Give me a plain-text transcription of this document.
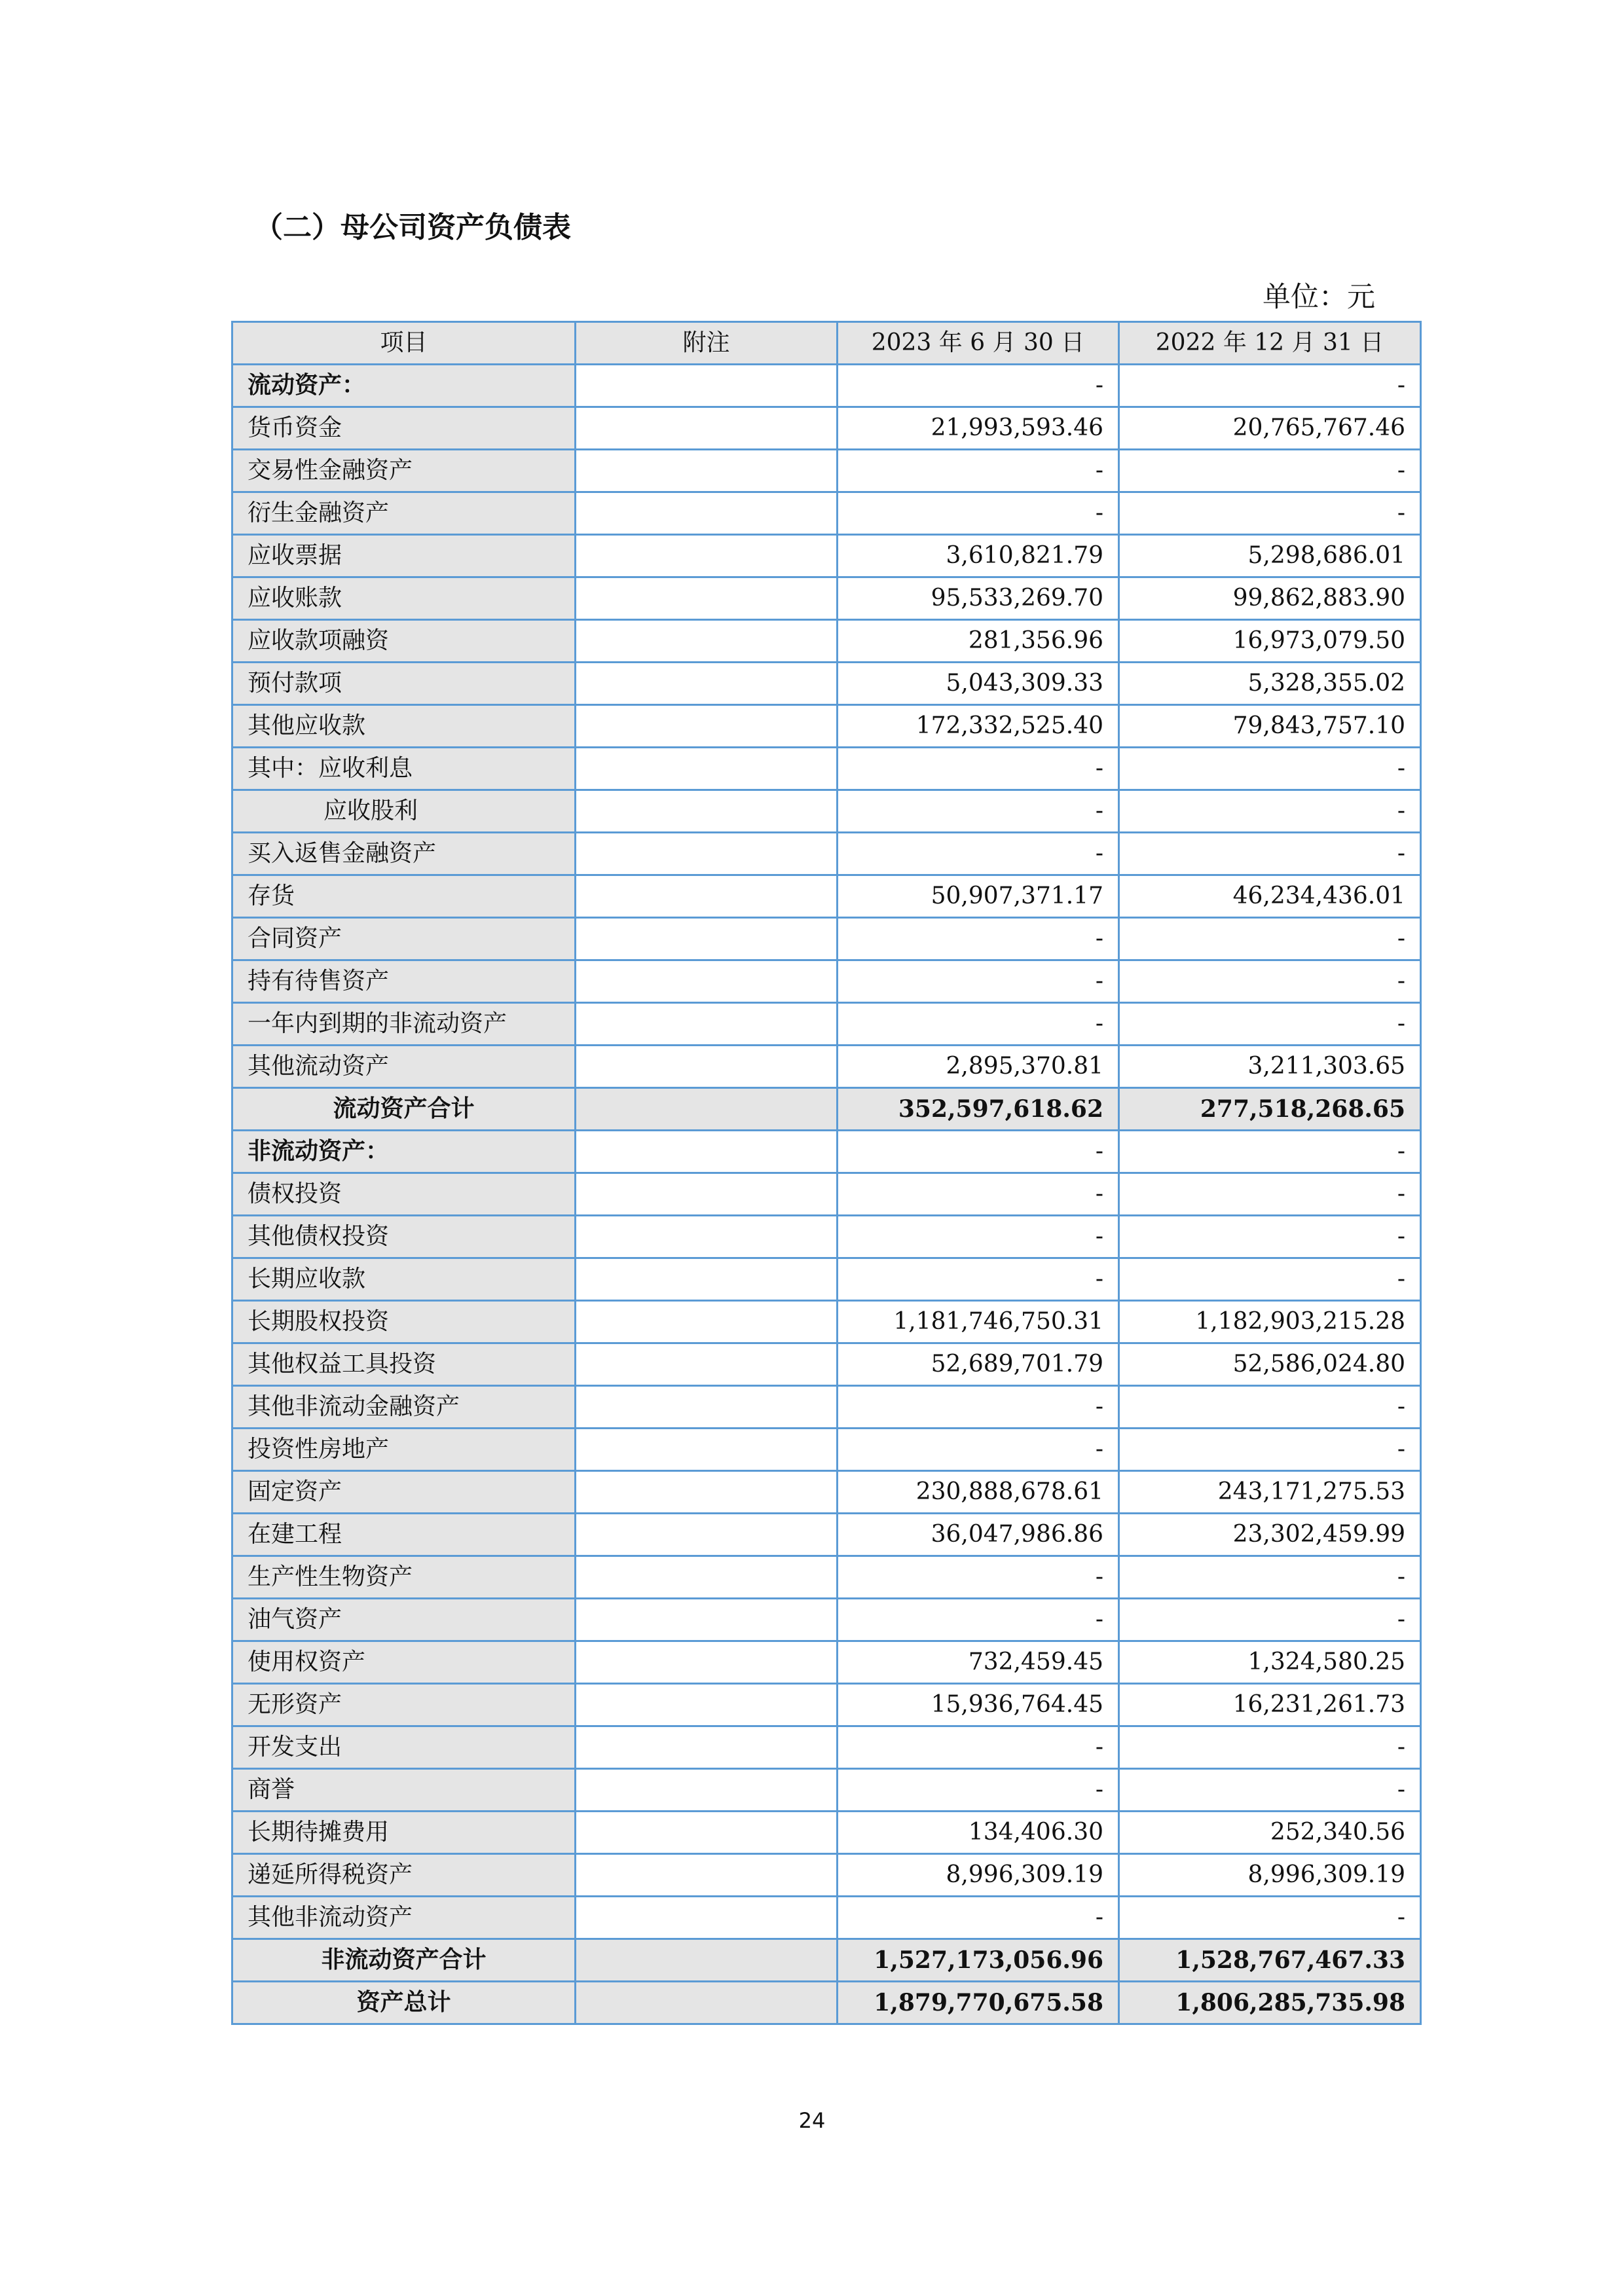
（二）母公司资产负债表
单位：元
项目	附注	2023 年 6 月 30 日	2022 年 12 月 31 日
流动资产：		-	-
货币资金		21,993,593.46	20,765,767.46
交易性金融资产		-	-
衍生金融资产		-	-
应收票据		3,610,821.79	5,298,686.01
应收账款		95,533,269.70	99,862,883.90
应收款项融资		281,356.96	16,973,079.50
预付款项		5,043,309.33	5,328,355.02
其他应收款		172,332,525.40	79,843,757.10
其中：应收利息		-	-
应收股利		-	-
买入返售金融资产		-	-
存货		50,907,371.17	46,234,436.01
合同资产		-	-
持有待售资产		-	-
一年内到期的非流动资产		-	-
其他流动资产		2,895,370.81	3,211,303.65
流动资产合计		352,597,618.62	277,518,268.65
非流动资产：		-	-
债权投资		-	-
其他债权投资		-	-
长期应收款		-	-
长期股权投资		1,181,746,750.31	1,182,903,215.28
其他权益工具投资		52,689,701.79	52,586,024.80
其他非流动金融资产		-	-
投资性房地产		-	-
固定资产		230,888,678.61	243,171,275.53
在建工程		36,047,986.86	23,302,459.99
生产性生物资产		-	-
油气资产		-	-
使用权资产		732,459.45	1,324,580.25
无形资产		15,936,764.45	16,231,261.73
开发支出		-	-
商誉		-	-
长期待摊费用		134,406.30	252,340.56
递延所得税资产		8,996,309.19	8,996,309.19
其他非流动资产		-	-
非流动资产合计		1,527,173,056.96	1,528,767,467.33
资产总计		1,879,770,675.58	1,806,285,735.98
24
